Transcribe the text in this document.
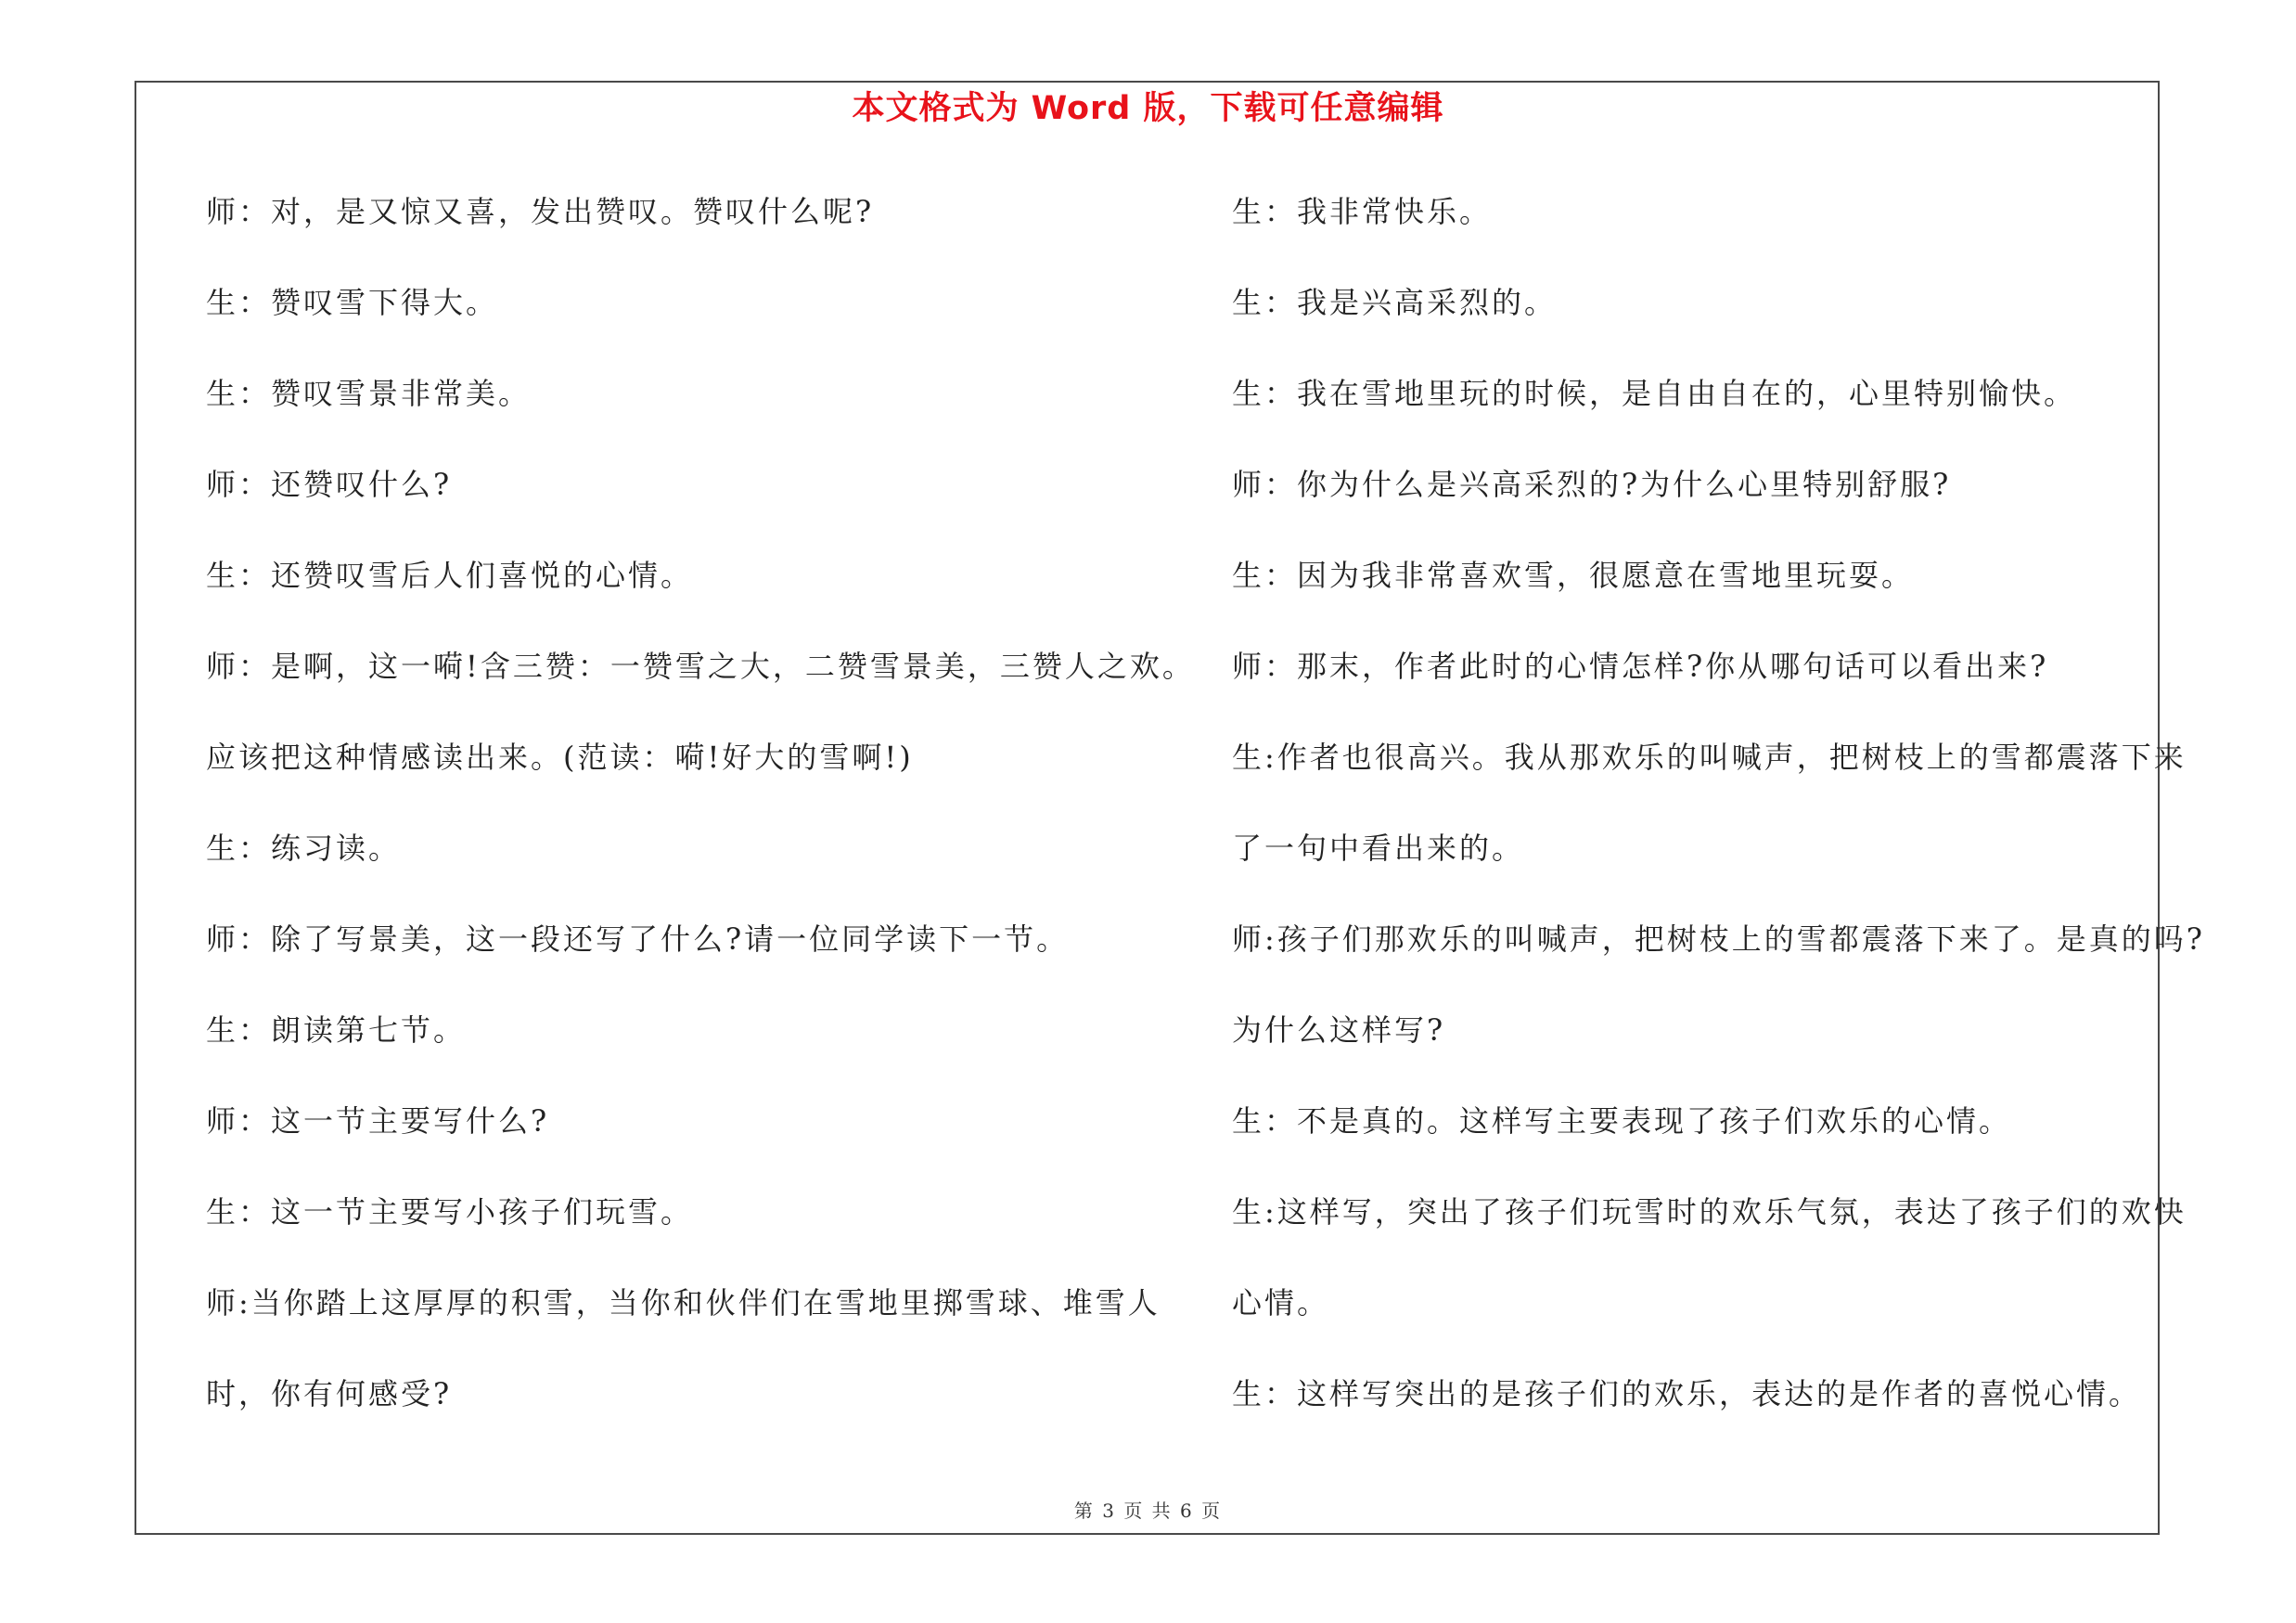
本文格式为 Word 版，下载可任意编辑
师：对，是又惊又喜，发出赞叹。赞叹什么呢?
生：赞叹雪下得大。
生：赞叹雪景非常美。
师：还赞叹什么?
生：还赞叹雪后人们喜悦的心情。
师：是啊，这一嗬!含三赞：一赞雪之大，二赞雪景美，三赞人之欢。
应该把这种情感读出来。(范读：嗬!好大的雪啊!)
生：练习读。
师：除了写景美，这一段还写了什么?请一位同学读下一节。
生：朗读第七节。
师：这一节主要写什么?
生：这一节主要写小孩子们玩雪。
师:当你踏上这厚厚的积雪，当你和伙伴们在雪地里掷雪球、堆雪人
时，你有何感受?
生：我非常快乐。
生：我是兴高采烈的。
生：我在雪地里玩的时候，是自由自在的，心里特别愉快。
师：你为什么是兴高采烈的?为什么心里特别舒服?
生：因为我非常喜欢雪，很愿意在雪地里玩耍。
师：那末，作者此时的心情怎样?你从哪句话可以看出来?
生:作者也很高兴。我从那欢乐的叫喊声，把树枝上的雪都震落下来
了一句中看出来的。
师:孩子们那欢乐的叫喊声，把树枝上的雪都震落下来了。是真的吗?
为什么这样写?
生：不是真的。这样写主要表现了孩子们欢乐的心情。
生:这样写，突出了孩子们玩雪时的欢乐气氛，表达了孩子们的欢快
心情。
生：这样写突出的是孩子们的欢乐，表达的是作者的喜悦心情。
第 3 页 共 6 页
